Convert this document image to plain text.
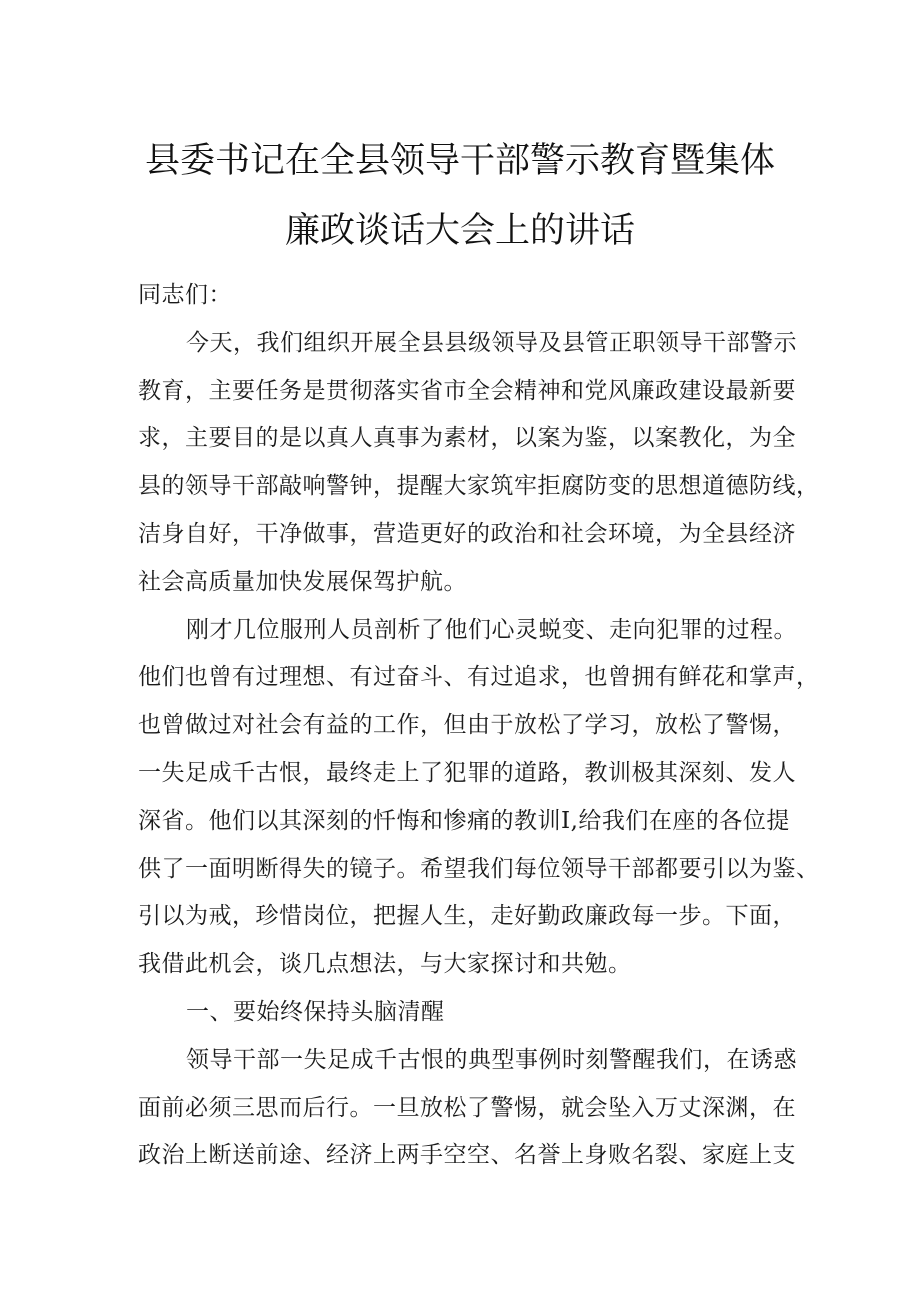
县委书记在全县领导干部警示教育暨集体
廉政谈话大会上的讲话
同志们：
今天，我们组织开展全县县级领导及县管正职领导干部警示
教育，主要任务是贯彻落实省市全会精神和党风廉政建设最新要
求，主要目的是以真人真事为素材，以案为鉴，以案教化，为全
县的领导干部敲响警钟，提醒大家筑牢拒腐防变的思想道德防线，
洁身自好，干净做事，营造更好的政治和社会环境，为全县经济
社会高质量加快发展保驾护航。
刚才几位服刑人员剖析了他们心灵蜕变、走向犯罪的过程。
他们也曾有过理想、有过奋斗、有过追求，也曾拥有鲜花和掌声，
也曾做过对社会有益的工作，但由于放松了学习，放松了警惕，
一失足成千古恨，最终走上了犯罪的道路，教训极其深刻、发人
深省。他们以其深刻的忏悔和惨痛的教训I,给我们在座的各位提
供了一面明断得失的镜子。希望我们每位领导干部都要引以为鉴、
引以为戒，珍惜岗位，把握人生，走好勤政廉政每一步。下面，
我借此机会，谈几点想法，与大家探讨和共勉。
一、要始终保持头脑清醒
领导干部一失足成千古恨的典型事例时刻警醒我们，在诱惑
面前必须三思而后行。一旦放松了警惕，就会坠入万丈深渊，在
政治上断送前途、经济上两手空空、名誉上身败名裂、家庭上支
